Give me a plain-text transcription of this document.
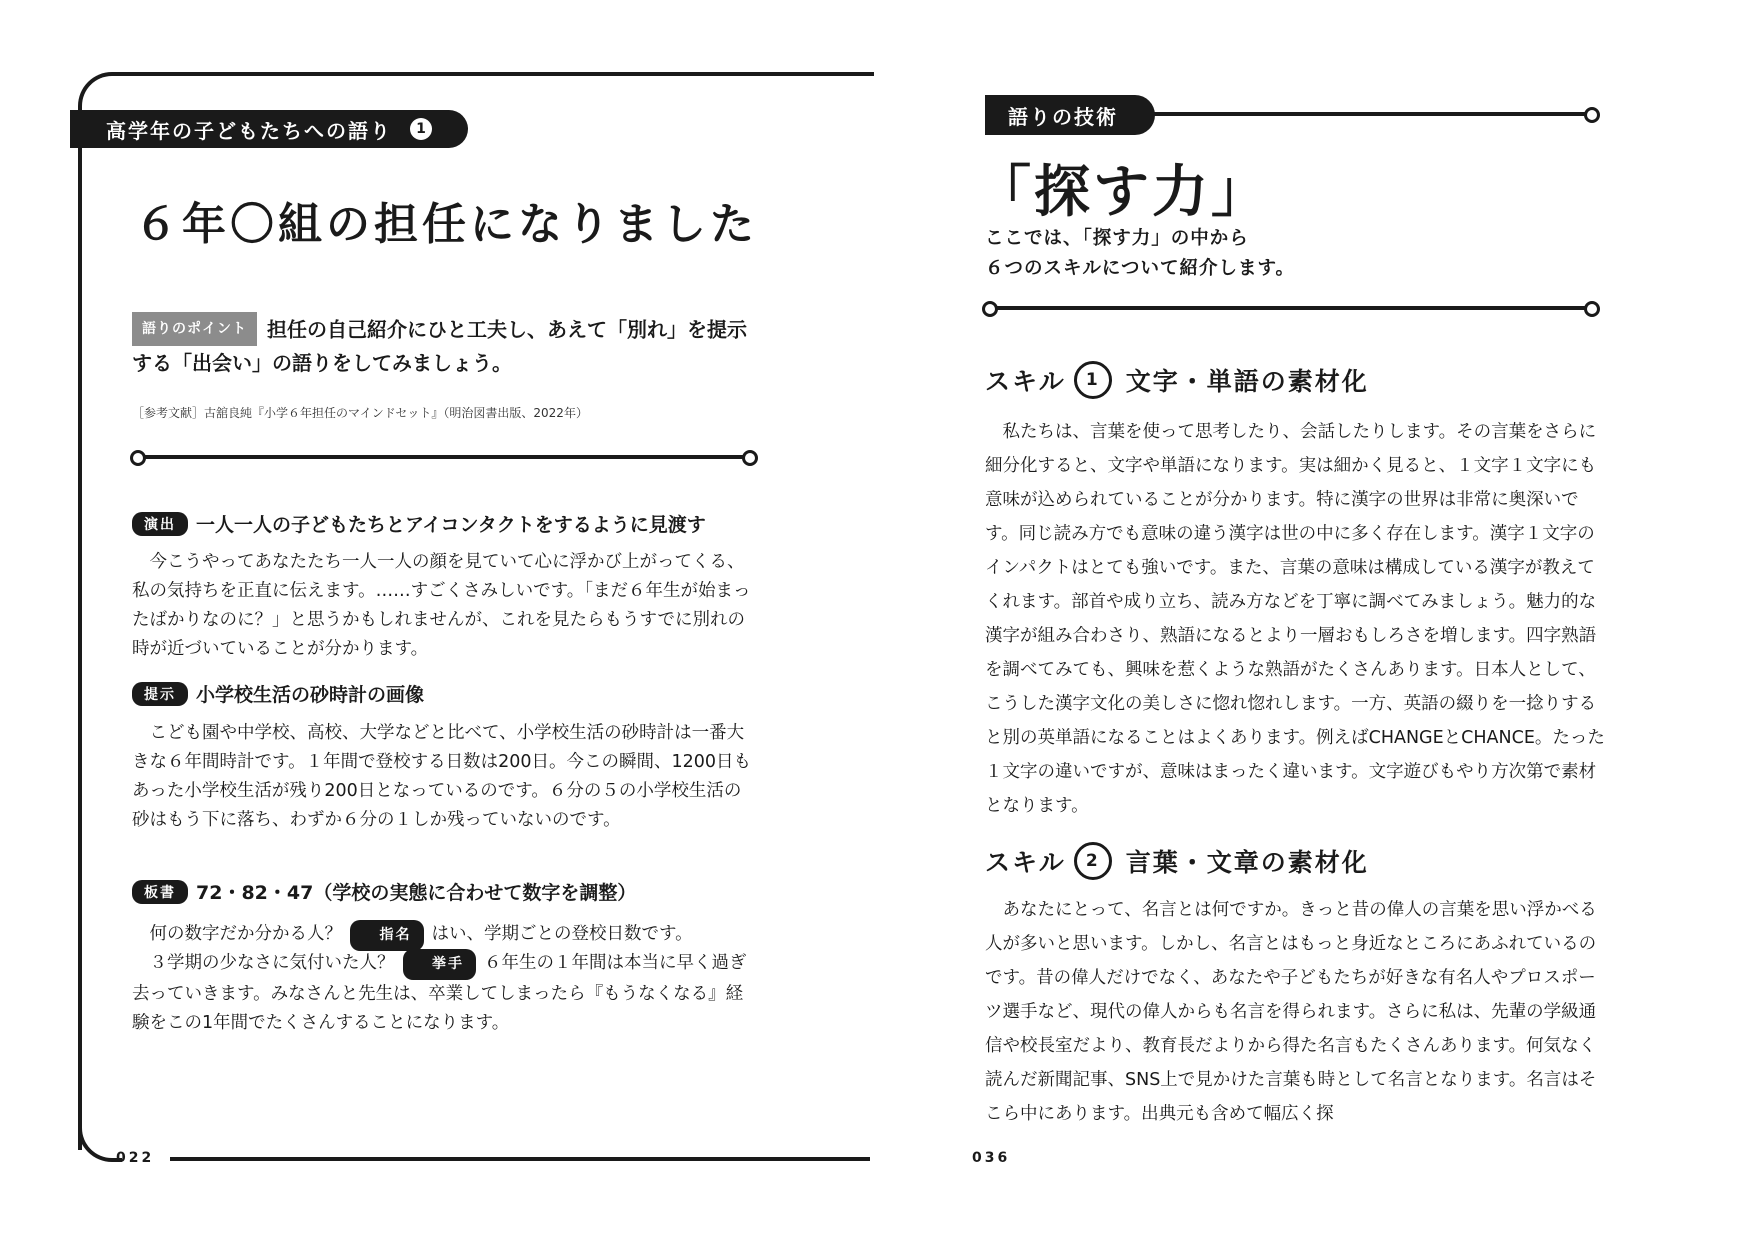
高学年の子どもたちへの語り	1
６年〇組の担任になりました
語りのポイント 担任の自己紹介にひと工夫し、あえて「別れ」を提示する「出会い」の語りをしてみましょう。
［参考文献］古舘良純『小学６年担任のマインドセット』（明治図書出版、2022年）
演出 一人一人の子どもたちとアイコンタクトをするように見渡す
今こうやってあなたたち一人一人の顔を見ていて心に浮かび上がってくる、私の気持ちを正直に伝えます。……すごくさみしいです。「まだ６年生が始まったばかりなのに？」と思うかもしれませんが、これを見たらもうすでに別れの時が近づいていることが分かります。
提示 小学校生活の砂時計の画像
こども園や中学校、高校、大学などと比べて、小学校生活の砂時計は一番大きな６年間時計です。１年間で登校する日数は200日。今この瞬間、1200日もあった小学校生活が残り200日となっているのです。６分の５の小学校生活の砂はもう下に落ち、わずか６分の１しか残っていないのです。
板書 72・82・47（学校の実態に合わせて数字を調整）
何の数字だか分かる人？	指名 はい、学期ごとの登校日数です。
３学期の少なさに気付いた人？	挙手 ６年生の１年間は本当に早く過ぎ去っていきます。みなさんと先生は、卒業してしまったら『もうなくなる』経験をこの1年間でたくさんすることになります。
022
語りの技術
「探す力」
ここでは、「探す力」の中から
６つのスキルについて紹介します。
スキル 1 文字・単語の素材化
私たちは、言葉を使って思考したり、会話したりします。その言葉をさらに細分化すると、文字や単語になります。実は細かく見ると、１文字１文字にも意味が込められていることが分かります。特に漢字の世界は非常に奥深いです。同じ読み方でも意味の違う漢字は世の中に多く存在します。漢字１文字のインパクトはとても強いです。また、言葉の意味は構成している漢字が教えてくれます。部首や成り立ち、読み方などを丁寧に調べてみましょう。魅力的な漢字が組み合わさり、熟語になるとより一層おもしろさを増します。四字熟語を調べてみても、興味を惹くような熟語がたくさんあります。日本人として、こうした漢字文化の美しさに惚れ惚れします。一方、英語の綴りを一捻りすると別の英単語になることはよくあります。例えばCHANGEとCHANCE。たった１文字の違いですが、意味はまったく違います。文字遊びもやり方次第で素材となります。
スキル 2 言葉・文章の素材化
あなたにとって、名言とは何ですか。きっと昔の偉人の言葉を思い浮かべる人が多いと思います。しかし、名言とはもっと身近なところにあふれているのです。昔の偉人だけでなく、あなたや子どもたちが好きな有名人やプロスポーツ選手など、現代の偉人からも名言を得られます。さらに私は、先輩の学級通信や校長室だより、教育長だよりから得た名言もたくさんあります。何気なく読んだ新聞記事、SNS上で見かけた言葉も時として名言となります。名言はそこら中にあります。出典元も含めて幅広く探
036
